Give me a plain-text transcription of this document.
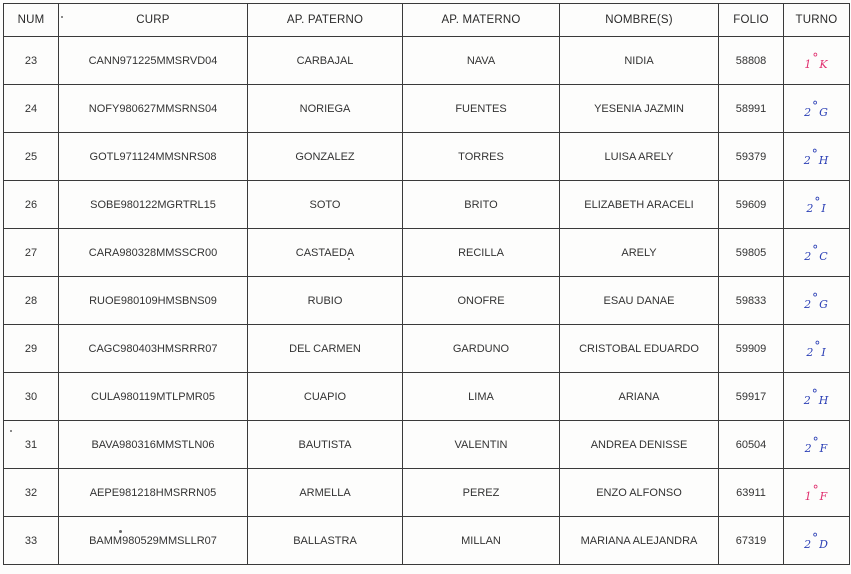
NUM	CURP	AP. PATERNO	AP. MATERNO	NOMBRE(S)	FOLIO	TURNO
23	CANN971225MMSRVD04	CARBAJAL	NAVA	NIDIA	58808	1°K
24	NOFY980627MMSRNS04	NORIEGA	FUENTES	YESENIA JAZMIN	58991	2°G
25	GOTL971124MMSNRS08	GONZALEZ	TORRES	LUISA ARELY	59379	2°H
26	SOBE980122MGRTRL15	SOTO	BRITO	ELIZABETH ARACELI	59609	2°I
27	CARA980328MMSSCR00	CASTAEDA	RECILLA	ARELY	59805	2°C
28	RUOE980109HMSBNS09	RUBIO	ONOFRE	ESAU DANAE	59833	2°G
29	CAGC980403HMSRRR07	DEL CARMEN	GARDUNO	CRISTOBAL EDUARDO	59909	2°I
30	CULA980119MTLPMR05	CUAPIO	LIMA	ARIANA	59917	2°H
31	BAVA980316MMSTLN06	BAUTISTA	VALENTIN	ANDREA DENISSE	60504	2°F
32	AEPE981218HMSRRN05	ARMELLA	PEREZ	ENZO ALFONSO	63911	1°F
33	BAMM980529MMSLLR07	BALLASTRA	MILLAN	MARIANA ALEJANDRA	67319	2°D
